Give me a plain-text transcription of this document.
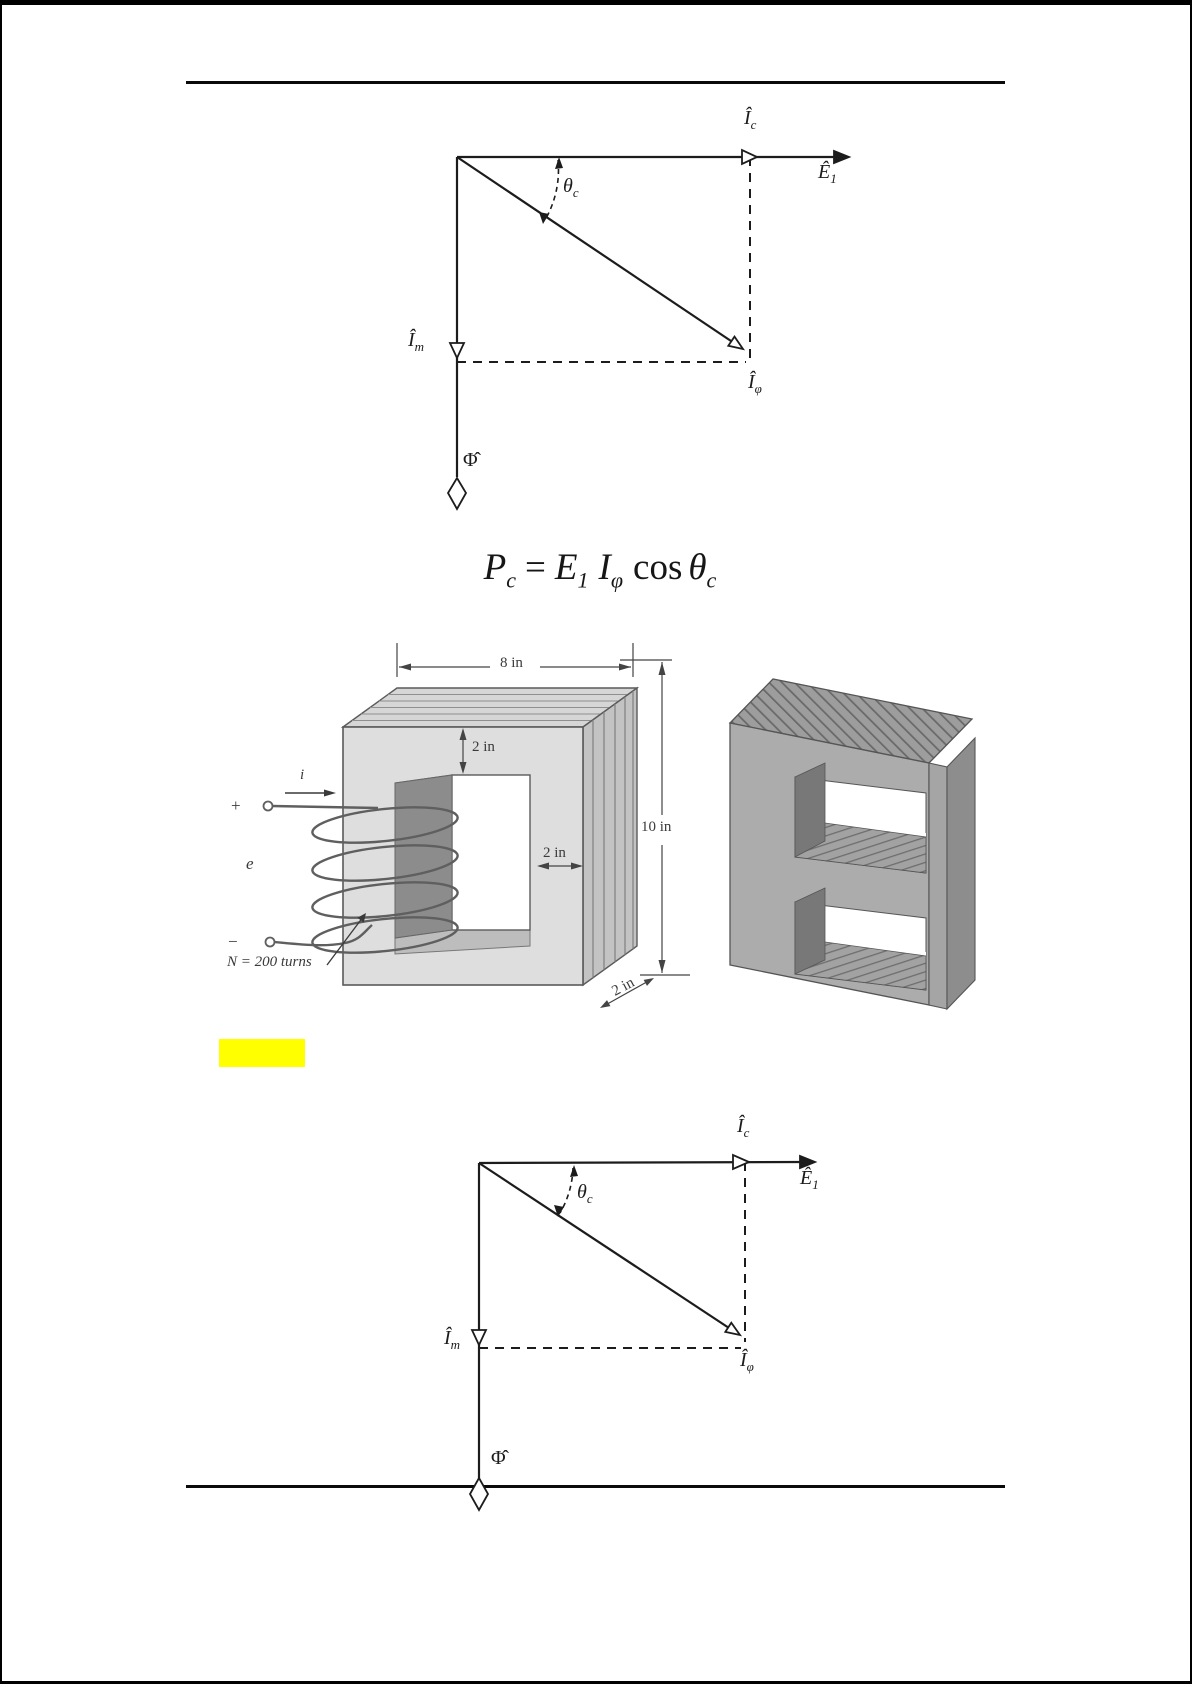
$Î_c$
$Ê_1$
$\theta_c$
$Î_m$
$Î_\varphi$
Φ̂
$P_c = E_1$ $I_\varphi$ $\cos \theta_c$
8 in
2 in
2 in
10 in
2 in
i
e
+
−
N = 200 turns
$Î_c$
$Ê_1$
$\theta_c$
$Î_m$
$Î_\varphi$
Φ̂
